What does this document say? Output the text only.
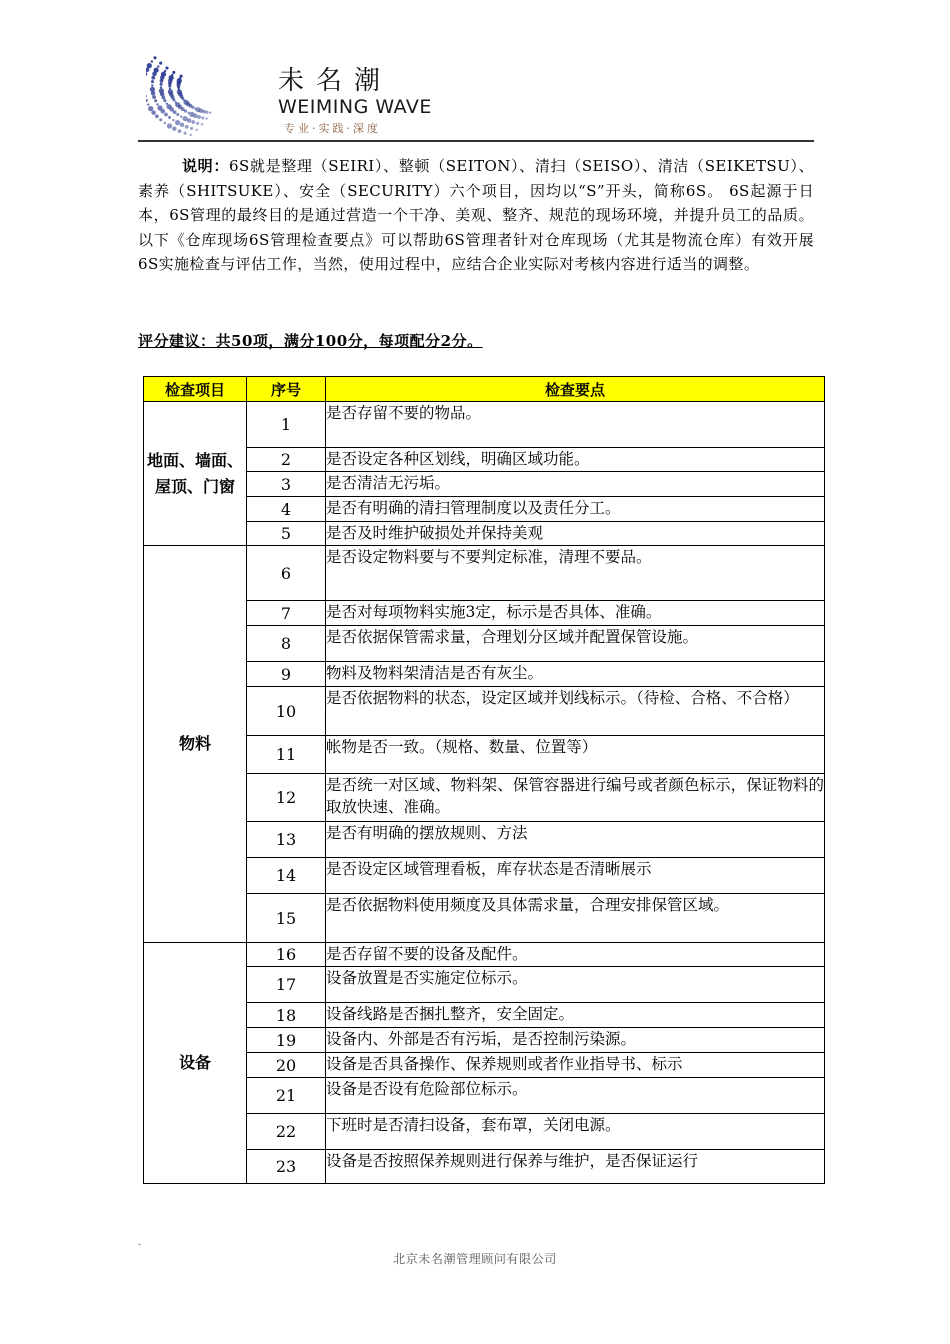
未名潮
WEIMING WAVE
专业·实践·深度
说明：6S就是整理（SEIRI）、整顿（SEITON）、清扫（SEISO）、清洁（SEIKETSU）、素养（SHITSUKE）、安全（SECURITY）六个项目，因均以“S”开头，简称6S。 6S起源于日本，6S管理的最终目的是通过营造一个干净、美观、整齐、规范的现场环境，并提升员工的品质。以下《仓库现场6S管理检查要点》可以帮助6S管理者针对仓库现场（尤其是物流仓库）有效开展6S实施检查与评估工作，当然，使用过程中，应结合企业实际对考核内容进行适当的调整。
评分建议：共50项，满分100分，每项配分2分。
检查项目	序号	检查要点
地面、墙面、屋顶、门窗	1	是否存留不要的物品。
	2	是否设定各种区划线，明确区域功能。
	3	是否清洁无污垢。
	4	是否有明确的清扫管理制度以及责任分工。
	5	是否及时维护破损处并保持美观
物料	6	是否设定物料要与不要判定标准，清理不要品。
	7	是否对每项物料实施3定，标示是否具体、准确。
	8	是否依据保管需求量，合理划分区域并配置保管设施。
	9	物料及物料架清洁是否有灰尘。
	10	是否依据物料的状态，设定区域并划线标示。（待检、合格、不合格）
	11	帐物是否一致。（规格、数量、位置等）
	12	是否统一对区域、物料架、保管容器进行编号或者颜色标示，保证物料的取放快速、准确。
	13	是否有明确的摆放规则、方法
	14	是否设定区域管理看板，库存状态是否清晰展示
	15	是否依据物料使用频度及具体需求量，合理安排保管区域。
设备	16	是否存留不要的设备及配件。
	17	设备放置是否实施定位标示。
	18	设备线路是否捆扎整齐，安全固定。
	19	设备内、外部是否有污垢，是否控制污染源。
	20	设备是否具备操作、保养规则或者作业指导书、标示
	21	设备是否设有危险部位标示。
	22	下班时是否清扫设备，套布罩，关闭电源。
	23	设备是否按照保养规则进行保养与维护，是否保证运行
-
北京未名潮管理顾问有限公司
